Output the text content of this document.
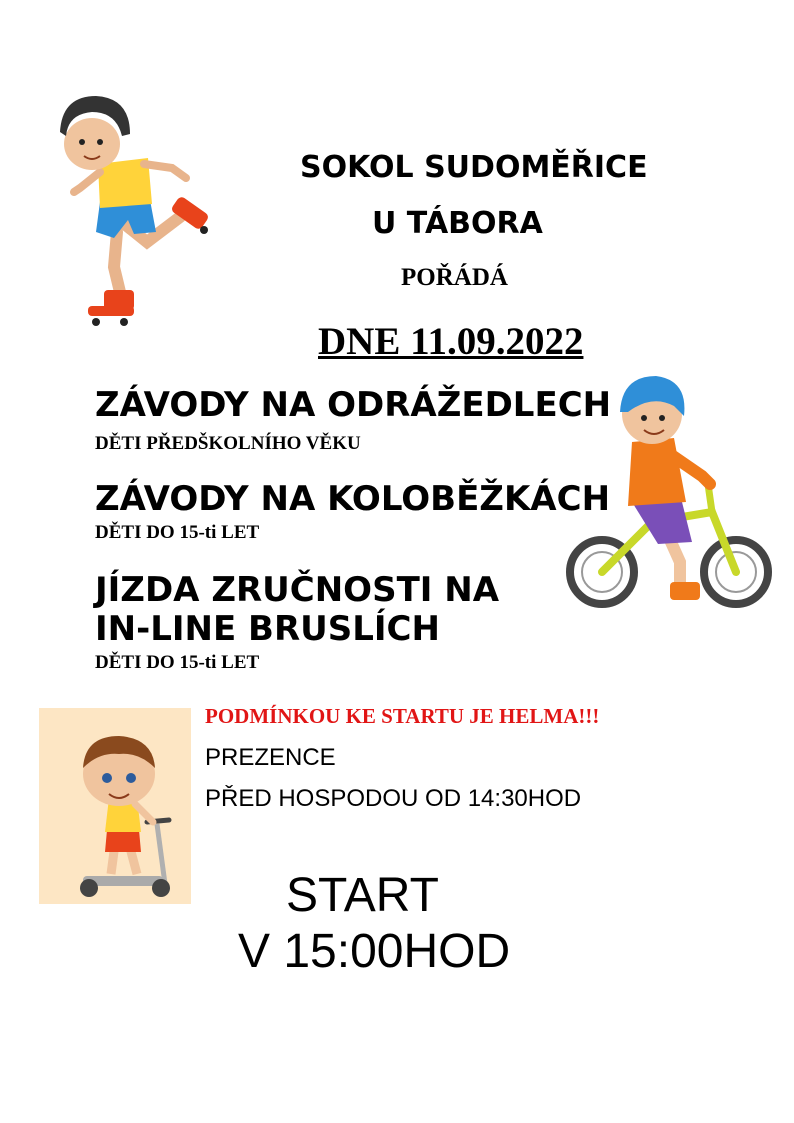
SOKOL SUDOMĚŘICE
U TÁBORA
POŘÁDÁ
DNE 11.09.2022
ZÁVODY NA ODRÁŽEDLECH
DĚTI PŘEDŠKOLNÍHO VĚKU
ZÁVODY NA KOLOBĚŽKÁCH
DĚTI DO 15-ti LET
JÍZDA ZRUČNOSTI NA
IN-LINE BRUSLÍCH
DĚTI DO 15-ti LET
PODMÍNKOU KE STARTU JE HELMA!!!
PREZENCE
PŘED HOSPODOU OD 14:30HOD
START
V 15:00HOD
